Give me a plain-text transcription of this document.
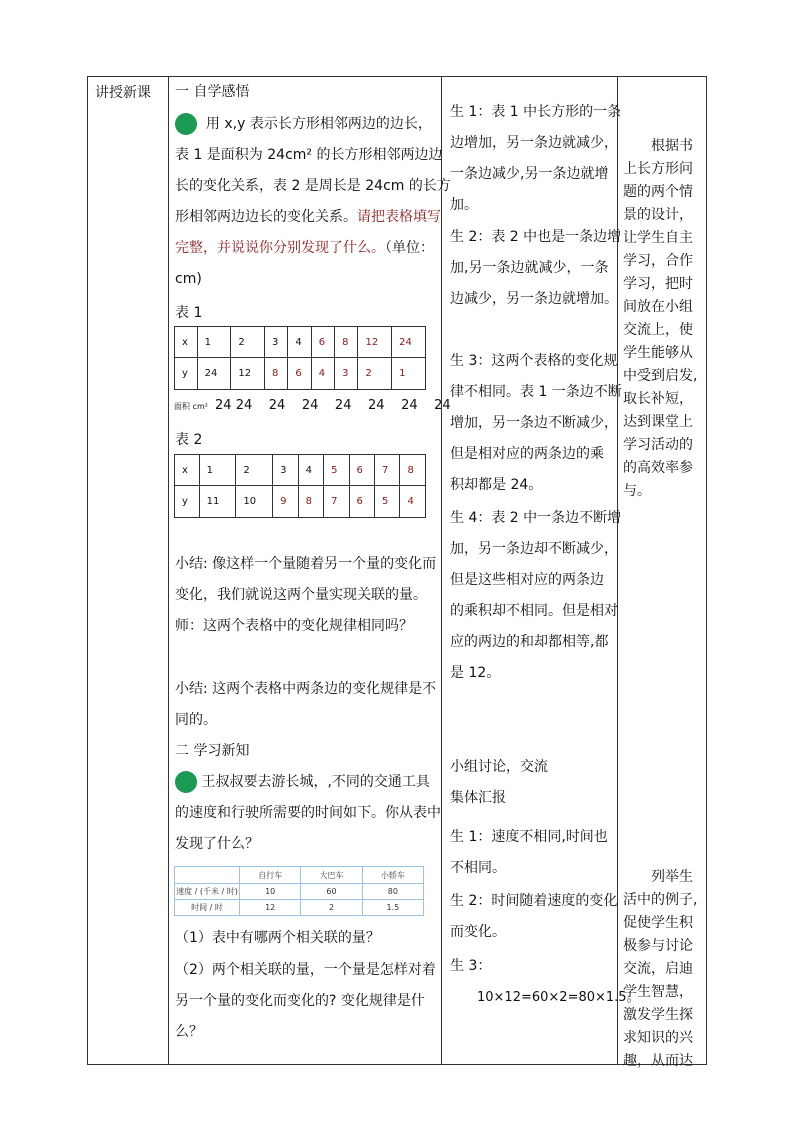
讲授新课 一 自学感悟
用 x,y 表示长方形相邻两边的边长，
表 1 是面积为 24cm² 的长方形相邻两边边
长的变化关系，表 2 是周长是 24cm 的长方
形相邻两边边长的变化关系。请把表格填写
完整，并说说你分别发现了什么。（单位：
cm)
表 1
x	1	2	3	4	6	8	12	24
y	24	12	8	6	4	3	2	1
面积 cm² 24 24 24 24 24 24 24 24
表 2
x	1	2	3	4	5	6	7	8
y	11	10	9	8	7	6	5	4
小结: 像这样一个量随着另一个量的变化而
变化，我们就说这两个量实现关联的量。
师：这两个表格中的变化规律相同吗？
小结: 这两个表格中两条边的变化规律是不
同的。
二 学习新知
王叔叔要去游长城，,不同的交通工具
的速度和行驶所需要的时间如下。你从表中
发现了什么？
	自行车	大巴车	小轿车
速度 / (千米 / 时)	10	60	80
时间 / 时	12	2	1.5
（1）表中有哪两个相关联的量？
（2）两个相关联的量，一个量是怎样对着
另一个量的变化而变化的? 变化规律是什
么？
生 1：表 1 中长方形的一条
边增加，另一条边就减少，
一条边减少,另一条边就增
加。
生 2：表 2 中也是一条边增
加,另一条边就减少，一条
边减少，另一条边就增加。
生 3：这两个表格的变化规
律不相同。表 1 一条边不断
增加，另一条边不断减少，
但是相对应的两条边的乘
积却都是 24。
生 4：表 2 中一条边不断增
加，另一条边却不断减少，
但是这些相对应的两条边
的乘积却不相同。但是相对
应的两边的和却都相等,都
是 12。
小组讨论，交流
集体汇报
生 1：速度不相同,时间也
不相同。
生 2：时间随着速度的变化
而变化。
生 3：
10×12=60×2=80×1.5。
根据书
上长方形问
题的两个情
景的设计，
让学生自主
学习，合作
学习，把时
间放在小组
交流上，使
学生能够从
中受到启发,
取长补短，
达到课堂上
学习活动的
的高效率参
与。
列举生
活中的例子,
促使学生积
极参与讨论
交流，启迪
学生智慧，
激发学生探
求知识的兴
趣，从而达
